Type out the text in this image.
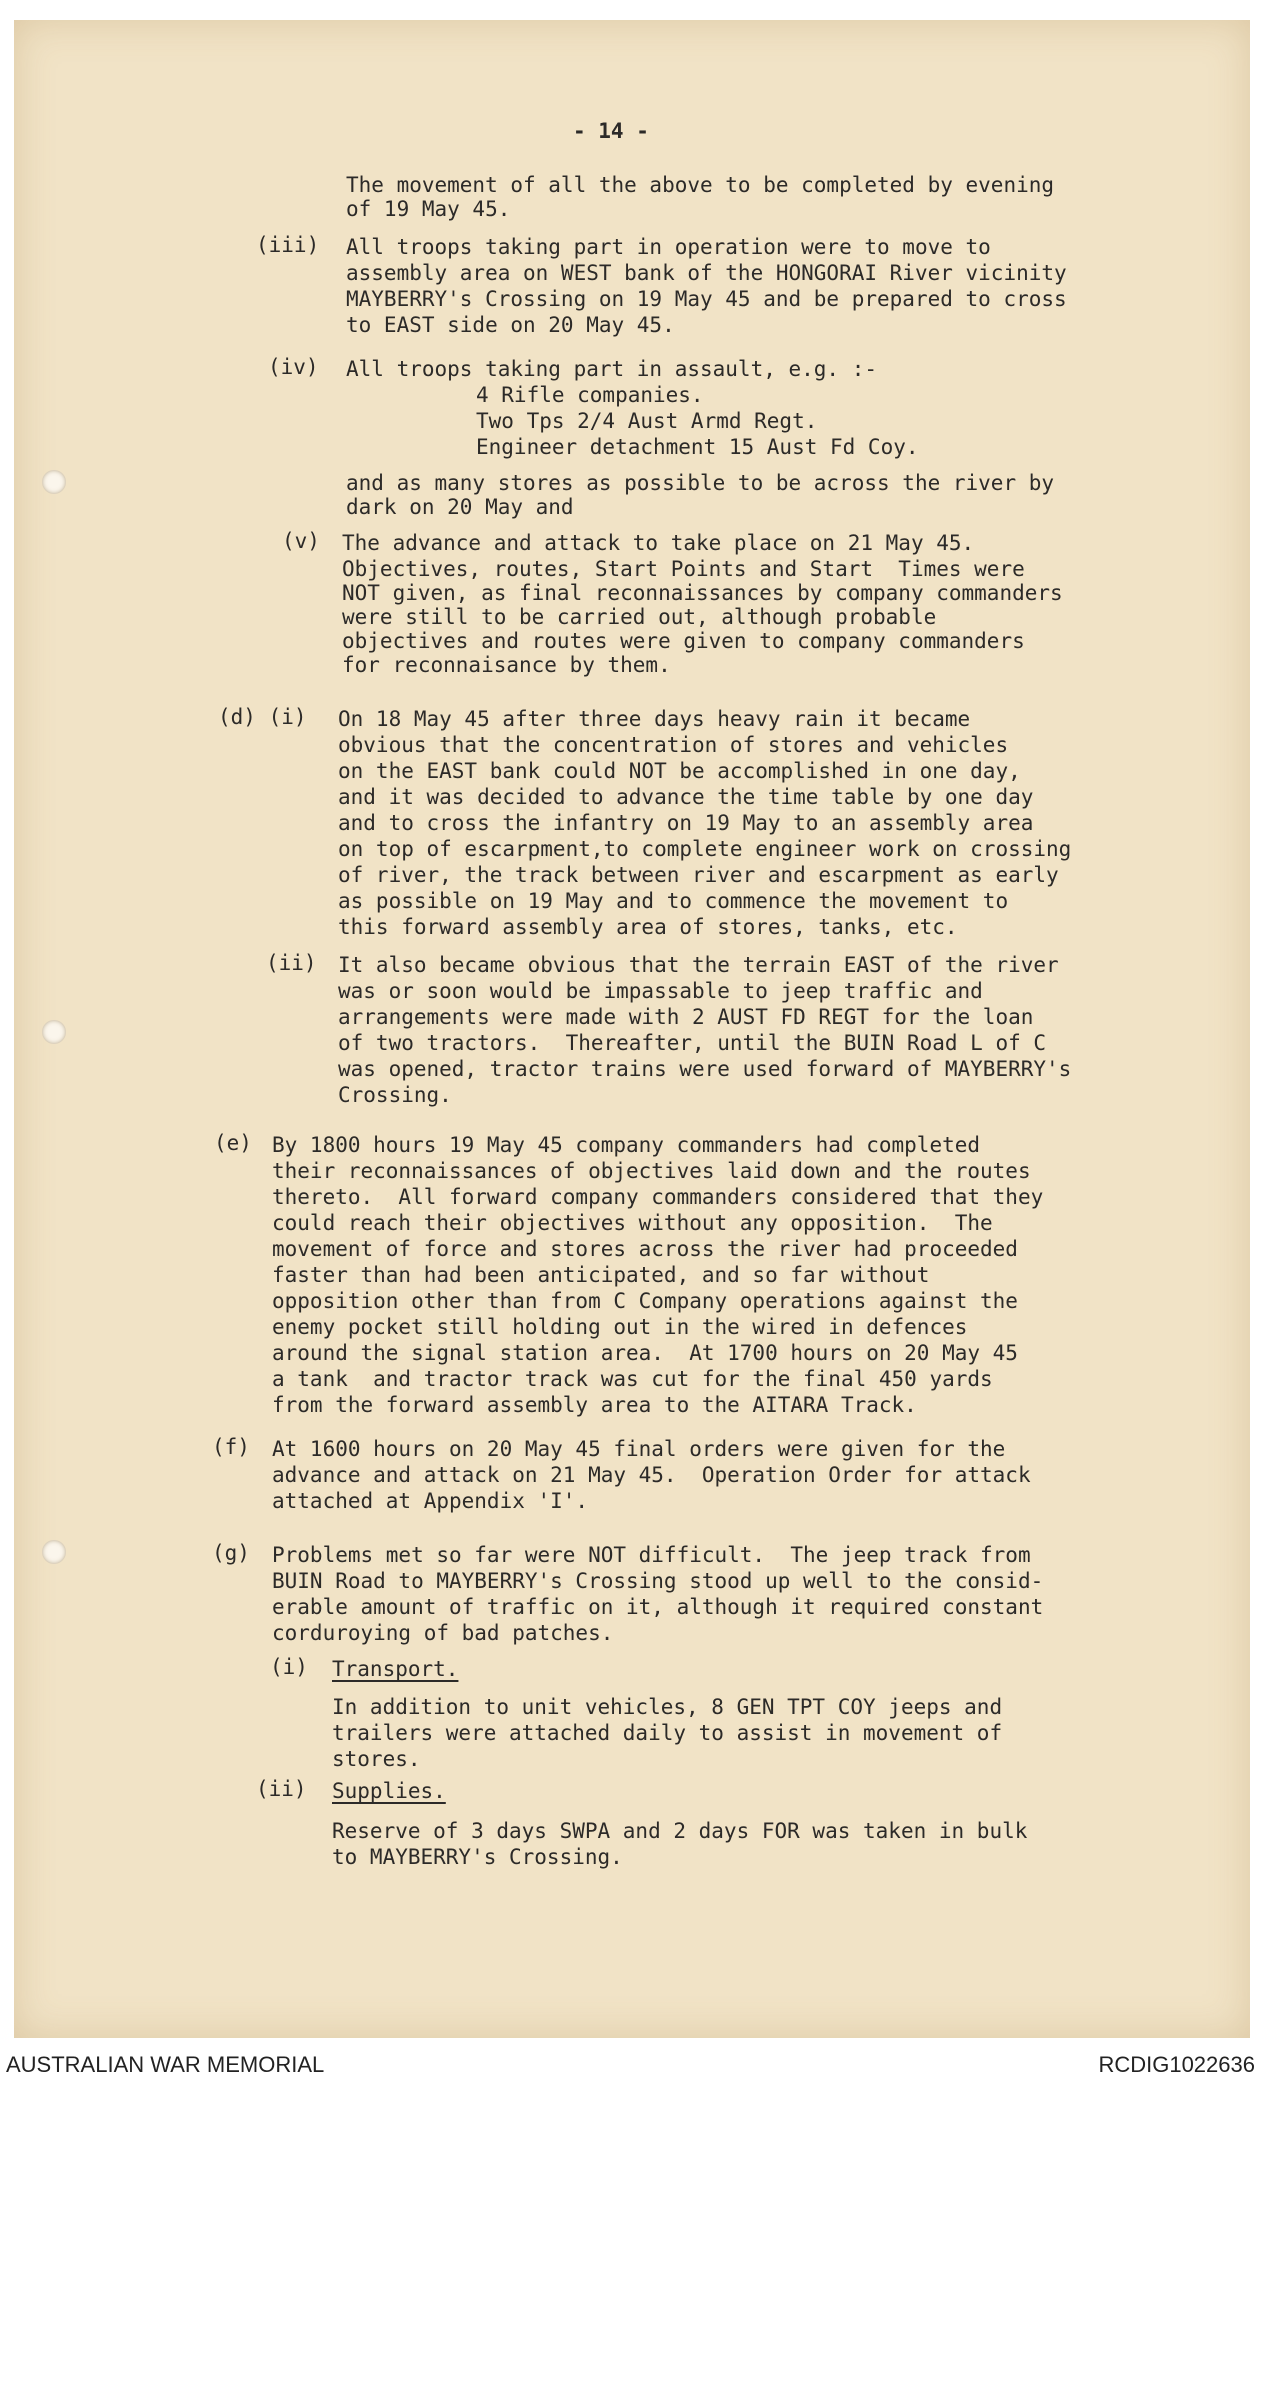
- 14 -

The movement of all the above to be completed by evening

of 19 May 45.

(iii)

All troops taking part in operation were to move to

assembly area on WEST bank of the HONGORAI River vicinity

MAYBERRY's Crossing on 19 May 45 and be prepared to cross

to EAST side on 20 May 45.

(iv)

All troops taking part in assault, e.g. :-

4 Rifle companies.

Two Tps 2/4 Aust Armd Regt.

Engineer detachment 15 Aust Fd Coy.

and as many stores as possible to be across the river by

dark on 20 May and

(v)

The advance and attack to take place on 21 May 45.

Objectives, routes, Start Points and Start  Times were

NOT given, as final reconnaissances by company commanders

were still to be carried out, although probable

objectives and routes were given to company commanders

for reconnaisance by them.

(d) (i)

On 18 May 45 after three days heavy rain it became

obvious that the concentration of stores and vehicles

on the EAST bank could NOT be accomplished in one day,

and it was decided to advance the time table by one day

and to cross the infantry on 19 May to an assembly area

on top of escarpment,to complete engineer work on crossing

of river, the track between river and escarpment as early

as possible on 19 May and to commence the movement to

this forward assembly area of stores, tanks, etc.

(ii)

It also became obvious that the terrain EAST of the river

was or soon would be impassable to jeep traffic and

arrangements were made with 2 AUST FD REGT for the loan

of two tractors.  Thereafter, until the BUIN Road L of C

was opened, tractor trains were used forward of MAYBERRY's

Crossing.

(e)

By 1800 hours 19 May 45 company commanders had completed

their reconnaissances of objectives laid down and the routes

thereto.  All forward company commanders considered that they

could reach their objectives without any opposition.  The

movement of force and stores across the river had proceeded

faster than had been anticipated, and so far without

opposition other than from C Company operations against the

enemy pocket still holding out in the wired in defences

around the signal station area.  At 1700 hours on 20 May 45

a tank  and tractor track was cut for the final 450 yards

from the forward assembly area to the AITARA Track.

(f)

At 1600 hours on 20 May 45 final orders were given for the

advance and attack on 21 May 45.  Operation Order for attack

attached at Appendix 'I'.

(g)

Problems met so far were NOT difficult.  The jeep track from

BUIN Road to MAYBERRY's Crossing stood up well to the consid-

erable amount of traffic on it, although it required constant

corduroying of bad patches.

(i)

Transport.

In addition to unit vehicles, 8 GEN TPT COY jeeps and

trailers were attached daily to assist in movement of

stores.

(ii)

Supplies.

Reserve of 3 days SWPA and 2 days FOR was taken in bulk

to MAYBERRY's Crossing.

AUSTRALIAN WAR MEMORIAL	RCDIG1022636
